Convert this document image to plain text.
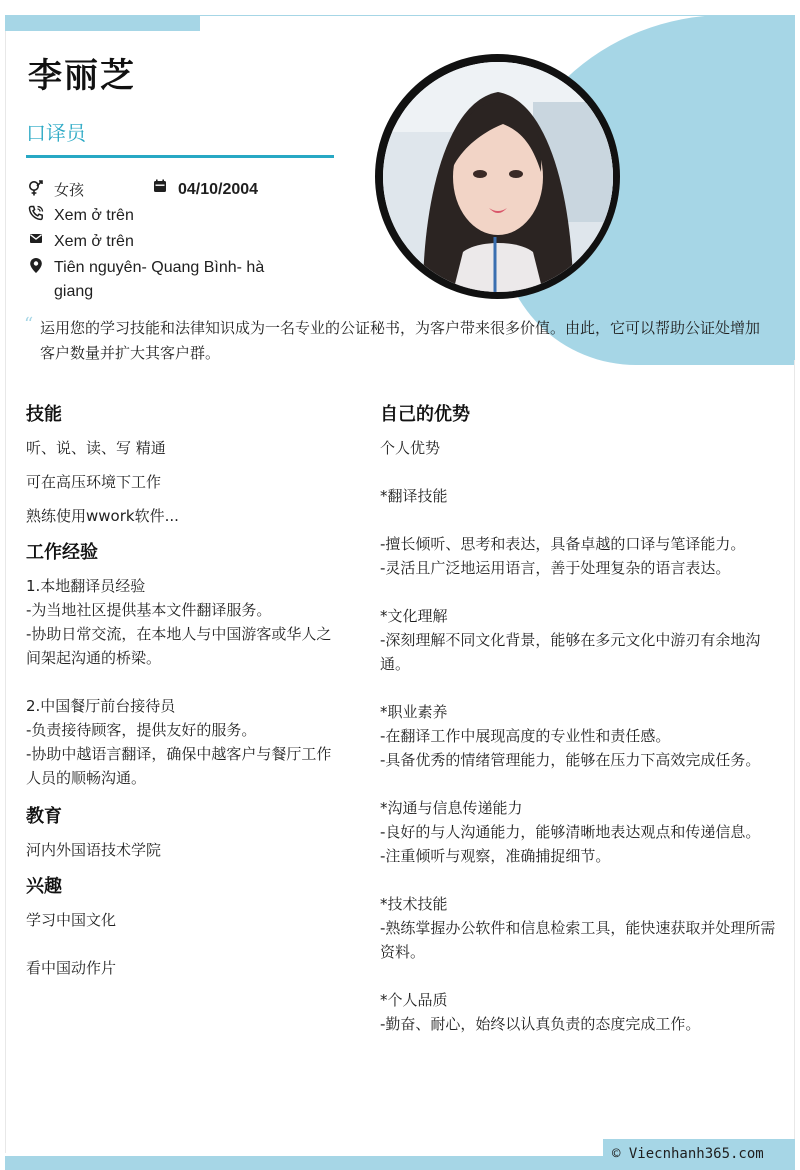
李丽芝
口译员
女孩	04/10/2004
Xem ở trên
Xem ở trên
Tiên nguyên- Quang Bình- hà giang
“ 运用您的学习技能和法律知识成为一名专业的公证秘书，为客户带来很多价值。由此，它可以帮助公证处增加客户数量并扩大其客户群。
技能
听、说、读、写 精通
可在高压环境下工作
熟练使用wwork软件...
工作经验
1.本地翻译员经验
-为当地社区提供基本文件翻译服务。
-协助日常交流，在本地人与中国游客或华人之间架起沟通的桥梁。

2.中国餐厅前台接待员
-负责接待顾客，提供友好的服务。
-协助中越语言翻译，确保中越客户与餐厅工作人员的顺畅沟通。
教育
河内外国语技术学院
兴趣
学习中国文化
看中国动作片
自己的优势
个人优势

*翻译技能

-擅长倾听、思考和表达，具备卓越的口译与笔译能力。
-灵活且广泛地运用语言，善于处理复杂的语言表达。

*文化理解
-深刻理解不同文化背景，能够在多元文化中游刃有余地沟通。

*职业素养
-在翻译工作中展现高度的专业性和责任感。
-具备优秀的情绪管理能力，能够在压力下高效完成任务。

*沟通与信息传递能力
-良好的与人沟通能力，能够清晰地表达观点和传递信息。
-注重倾听与观察，准确捕捉细节。

*技术技能
-熟练掌握办公软件和信息检索工具，能快速获取并处理所需资料。

*个人品质
-勤奋、耐心，始终以认真负责的态度完成工作。
© Viecnhanh365.com
